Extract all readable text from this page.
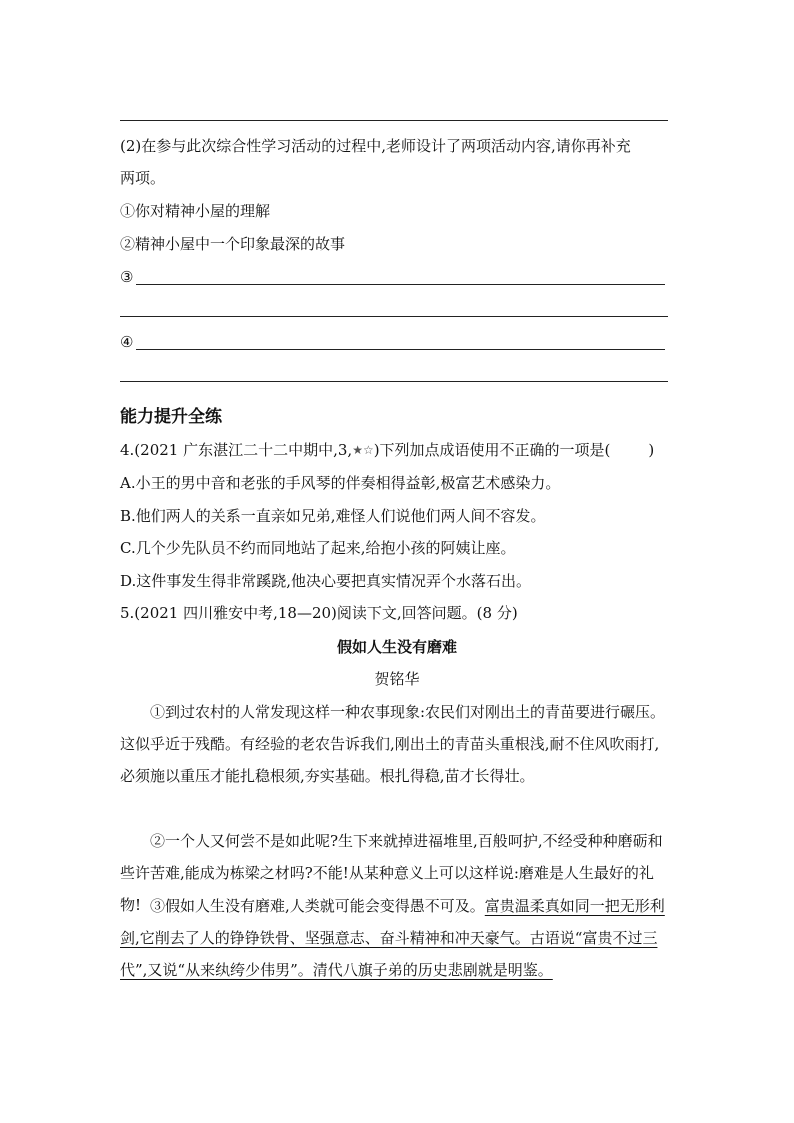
(2)在参与此次综合性学习活动的过程中,老师设计了两项活动内容,请你再补充
两项。
①你对精神小屋的理解
②精神小屋中一个印象最深的故事
③
④
能力提升全练
4.(2021 广东湛江二十二中期中,3,★☆)下列加点成语使用不正确的一项是(	)
A.小王的男中音和老张的手风琴的伴奏相得益彰,极富艺术感染力。
B.他们两人的关系一直亲如兄弟,难怪人们说他们两人间不容发。
C.几个少先队员不约而同地站了起来,给抱小孩的阿姨让座。
D.这件事发生得非常蹊跷,他决心要把真实情况弄个水落石出。
5.(2021 四川雅安中考,18—20)阅读下文,回答问题。(8 分)
假如人生没有磨难
贺铭华
①到过农村的人常发现这样一种农事现象:农民们对刚出土的青苗要进行碾压。这似乎近于残酷。有经验的老农告诉我们,刚出土的青苗头重根浅,耐不住风吹雨打,必须施以重压才能扎稳根须,夯实基础。根扎得稳,苗才长得壮。
②一个人又何尝不是如此呢?生下来就掉进福堆里,百般呵护,不经受种种磨砺和些许苦难,能成为栋梁之材吗?不能!从某种意义上可以这样说:磨难是人生最好的礼物! ③假如人生没有磨难,人类就可能会变得愚不可及。富贵温柔真如同一把无形利剑,它削去了人的铮铮铁骨、坚强意志、奋斗精神和冲天豪气。古语说“富贵不过三代”,又说“从来纨绔少伟男”。清代八旗子弟的历史悲剧就是明鉴。
